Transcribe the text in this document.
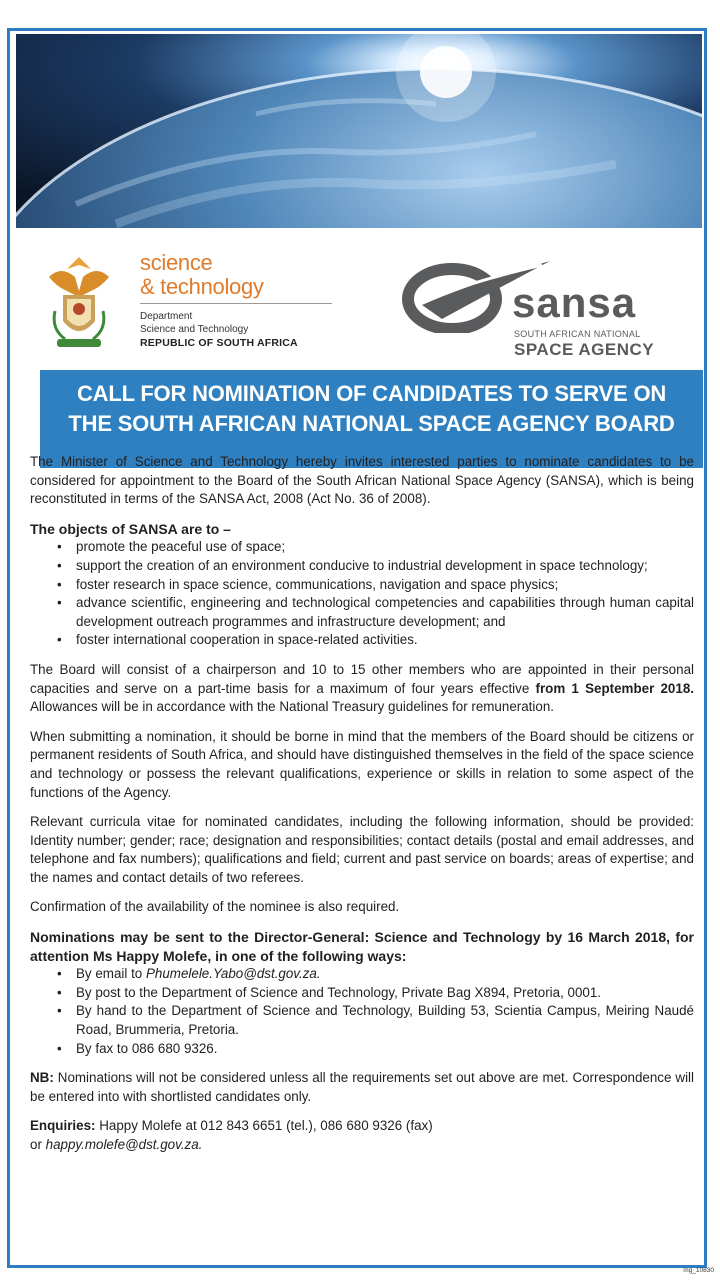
science
& technology
Department
Science and Technology
REPUBLIC OF SOUTH AFRICA
sansa
SOUTH AFRICAN NATIONAL
SPACE AGENCY
CALL FOR NOMINATION OF CANDIDATES TO SERVE ON
THE SOUTH AFRICAN NATIONAL SPACE AGENCY BOARD

The Minister of Science and Technology hereby invites interested parties to nominate candidates to be considered for appointment to the Board of the South African National Space Agency (SANSA), which is being reconstituted in terms of the SANSA Act, 2008 (Act No. 36 of 2008).

The objects of SANSA are to –
• promote the peaceful use of space;
• support the creation of an environment conducive to industrial development in space technology;
• foster research in space science, communications, navigation and space physics;
• advance scientific, engineering and technological competencies and capabilities through human capital development outreach programmes and infrastructure development; and
• foster international cooperation in space-related activities.

The Board will consist of a chairperson and 10 to 15 other members who are appointed in their personal capacities and serve on a part-time basis for a maximum of four years effective from 1 September 2018. Allowances will be in accordance with the National Treasury guidelines for remuneration.

When submitting a nomination, it should be borne in mind that the members of the Board should be citizens or permanent residents of South Africa, and should have distinguished themselves in the field of the space science and technology or possess the relevant qualifications, experience or skills in relation to some aspect of the functions of the Agency.

Relevant curricula vitae for nominated candidates, including the following information, should be provided: Identity number; gender; race; designation and responsibilities; contact details (postal and email addresses, and telephone and fax numbers); qualifications and field; current and past service on boards; areas of expertise; and the names and contact details of two referees.

Confirmation of the availability of the nominee is also required.

Nominations may be sent to the Director-General: Science and Technology by 16 March 2018, for attention Ms Happy Molefe, in one of the following ways:
• By email to Phumelele.Yabo@dst.gov.za.
• By post to the Department of Science and Technology, Private Bag X894, Pretoria, 0001.
• By hand to the Department of Science and Technology, Building 53, Scientia Campus, Meiring Naudé Road, Brummeria, Pretoria.
• By fax to 086 680 9326.

NB: Nominations will not be considered unless all the requirements set out above are met. Correspondence will be entered into with shortlisted candidates only.

Enquiries: Happy Molefe at 012 843 6651 (tel.), 086 680 9326 (fax)
or happy.molefe@dst.gov.za.

mg_10830
